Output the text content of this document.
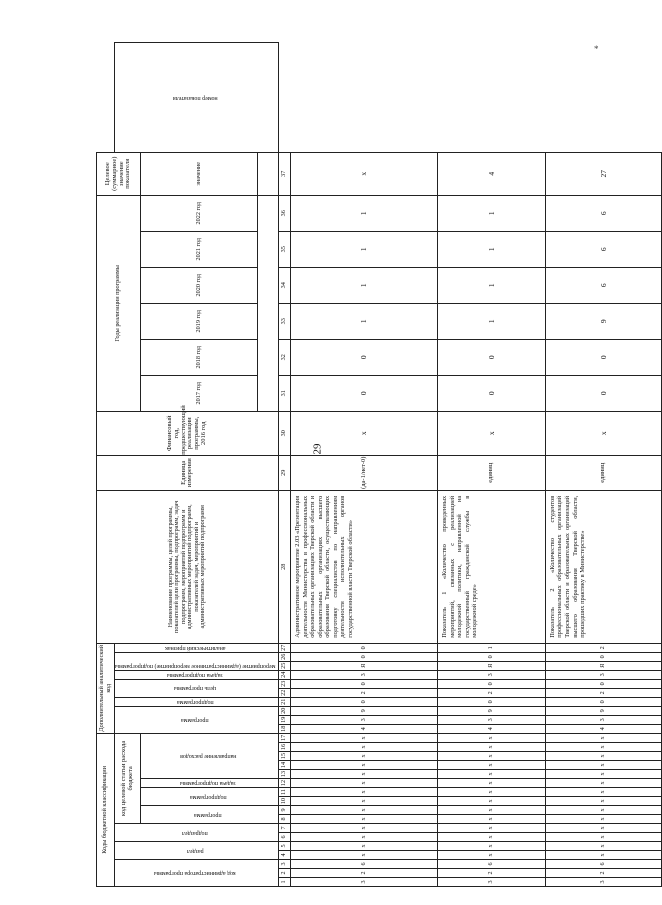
29
*
Коды бюджетной классификации																	Дополнительный аналитический код										Наименование программы, целей программы, показателей цели программы, подпрограмм, задач подпрограмм, мероприятий подпрограмм и административных мероприятий подпрограмм, показателей задач, мероприятий и административных мероприятий подпрограмм	Единица измерения	Финансовый год, предшествующий реализации программы, 2016 год	Годы реализации программы						Целевое (суммарное) значение показателя	
код администратора программы			раздел		подраздел		код целевой статьи расхода бюджета										программа			подпрограмма	цель программы		задача подпрограммы	мероприятие (административное мероприятие) подпрограммы		аналитический признак											номер показателя
							программа		подпрограмма		задача подпрограммы	направление расходов																		2017 год	2018 год	2019 год	2020 год	2021 год	2022 год	значение	

1	2	3	4	5	6	7	8	9	10	11	12	13	14	15	16	17	18	19	20	21	22	23	24	25	26	27	28	29	30	31	32	33	34	35	36	37	
3	2	6	x	x	x	x	x	x	x	x	x	x	x	x	x	x	4	3	9	0	2	0	3	Я	0	0	Административное мероприятие 2.03 «Презентация деятельности Министерства в профессиональных образовательных организациях Тверской области и образовательных организациях высшего образования Тверской области, осуществляющих подготовку специалистов по направлениям деятельности исполнительных органов государственной власти Тверской области»	(да-1/нет-0)	х	0	0	1	1	1	1	х	
3	2	6	x	x	x	x	x	x	x	x	x	x	x	x	x	x	4	3	9	0	2	0	3	Я	0	1	Показатель 1 «Количество проведенных мероприятий, связанных с реализацией молодежной политики, направленной на государственный гражданской службы в молодежной среде»	единиц	х	0	0	1	1	1	1	4	
3	2	6	x	x	x	x	x	x	x	x	x	x	x	x	x	x	4	3	9	0	2	0	3	Я	0	2	Показатель 2 «Количество студентов профессиональных образовательных организаций Тверской области и образовательных организаций высшего образования Тверской области, прошедших практику в Министерстве»	единиц	х	0	0	9	6	6	6	27	
